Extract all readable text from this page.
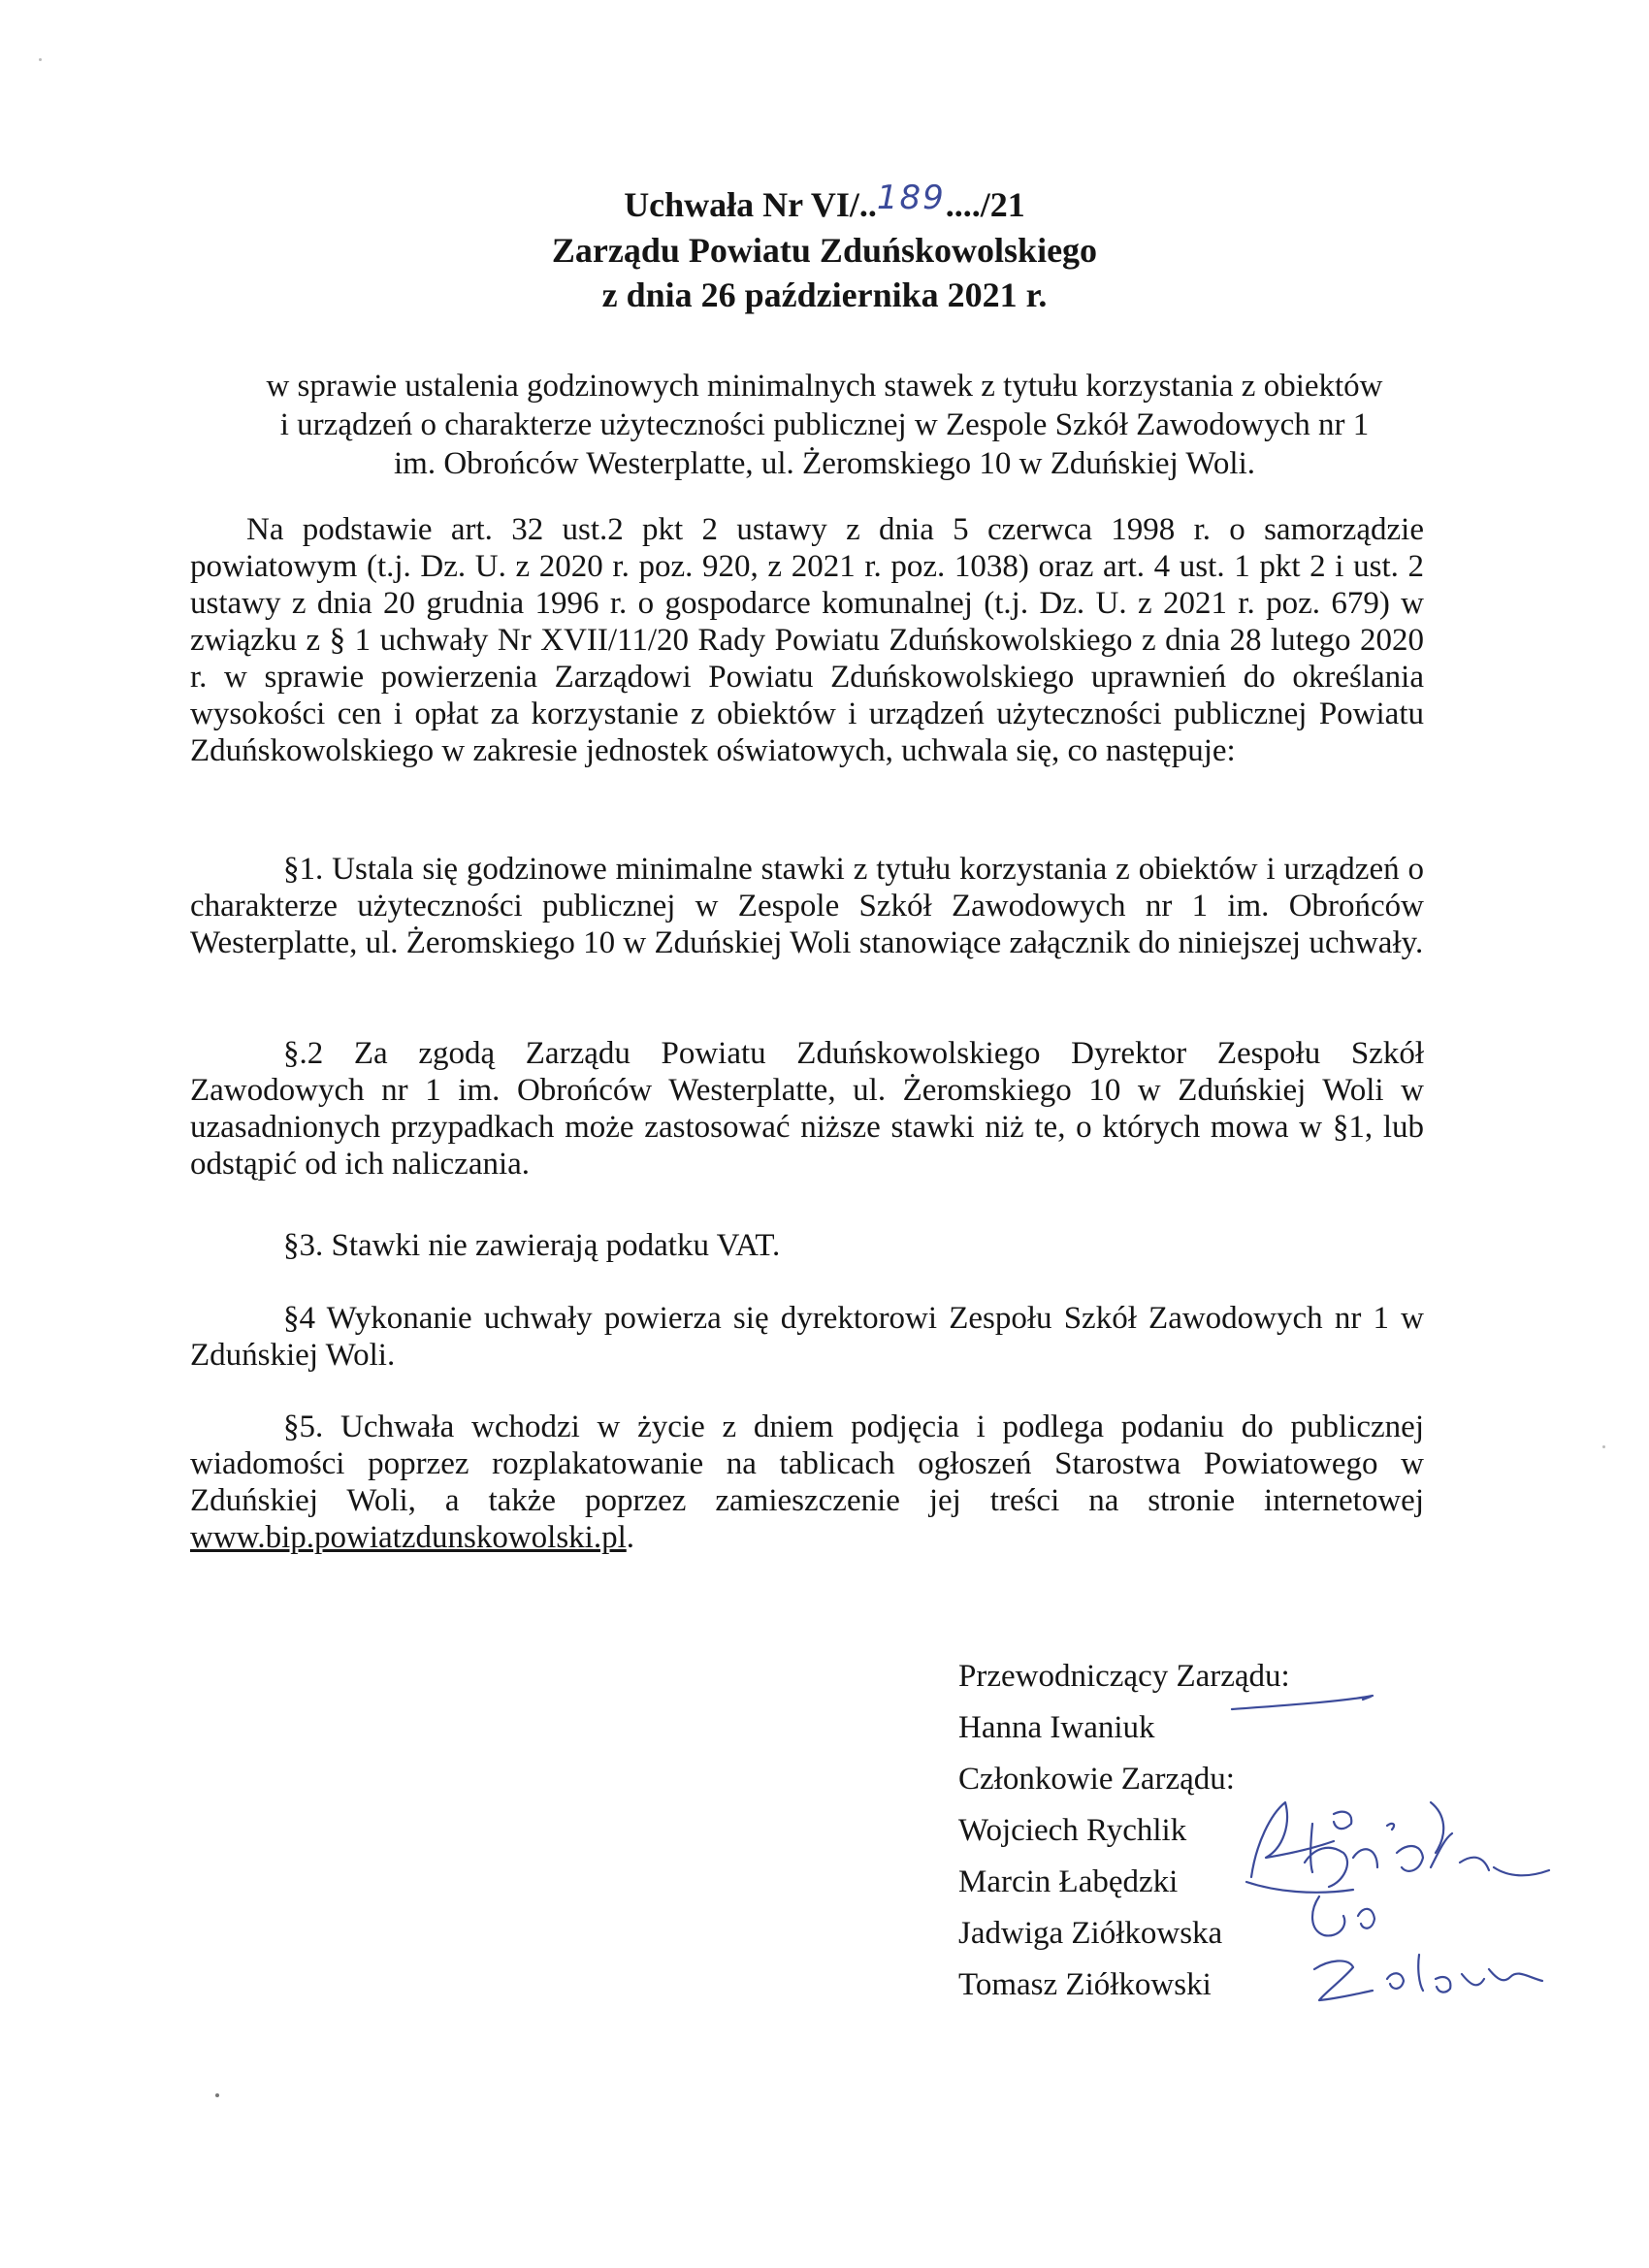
Uchwała Nr VI/..189..../21
Zarządu Powiatu Zduńskowolskiego
z dnia 26 października 2021 r.
w sprawie ustalenia godzinowych minimalnych stawek z tytułu korzystania z obiektów
i urządzeń o charakterze użyteczności publicznej w Zespole Szkół Zawodowych nr 1
im. Obrońców Westerplatte, ul. Żeromskiego 10 w Zduńskiej Woli.

Na podstawie art. 32 ust.2 pkt 2 ustawy z dnia 5 czerwca 1998 r. o samorządzie powiatowym (t.j. Dz. U. z 2020 r. poz. 920, z 2021 r. poz. 1038) oraz art. 4 ust. 1 pkt 2 i ust. 2 ustawy z dnia 20 grudnia 1996 r. o gospodarce komunalnej (t.j. Dz. U. z 2021 r. poz. 679) w związku z § 1 uchwały Nr XVII/11/20 Rady Powiatu Zduńskowolskiego z dnia 28 lutego 2020 r. w sprawie powierzenia Zarządowi Powiatu Zduńskowolskiego uprawnień do określania wysokości cen i opłat za korzystanie z obiektów i urządzeń użyteczności publicznej Powiatu Zduńskowolskiego w zakresie jednostek oświatowych, uchwala się, co następuje:

§1. Ustala się godzinowe minimalne stawki z tytułu korzystania z obiektów i urządzeń o charakterze użyteczności publicznej w Zespole Szkół Zawodowych nr 1 im. Obrońców Westerplatte, ul. Żeromskiego 10 w Zduńskiej Woli stanowiące załącznik do niniejszej uchwały.

§.2 Za zgodą Zarządu Powiatu Zduńskowolskiego Dyrektor Zespołu Szkół Zawodowych nr 1 im. Obrońców Westerplatte, ul. Żeromskiego 10 w Zduńskiej Woli w uzasadnionych przypadkach może zastosować niższe stawki niż te, o których mowa w §1, lub odstąpić od ich naliczania.

§3. Stawki nie zawierają podatku VAT.

§4 Wykonanie uchwały powierza się dyrektorowi Zespołu Szkół Zawodowych nr 1 w Zduńskiej Woli.

§5. Uchwała wchodzi w życie z dniem podjęcia i podlega podaniu do publicznej wiadomości poprzez rozplakatowanie na tablicach ogłoszeń Starostwa Powiatowego w Zduńskiej Woli, a także poprzez zamieszczenie jej treści na stronie internetowej www.bip.powiatzdunskowolski.pl.

Przewodniczący Zarządu:
Hanna Iwaniuk
Członkowie Zarządu:
Wojciech Rychlik
Marcin Łabędzki
Jadwiga Ziółkowska
Tomasz Ziółkowski
